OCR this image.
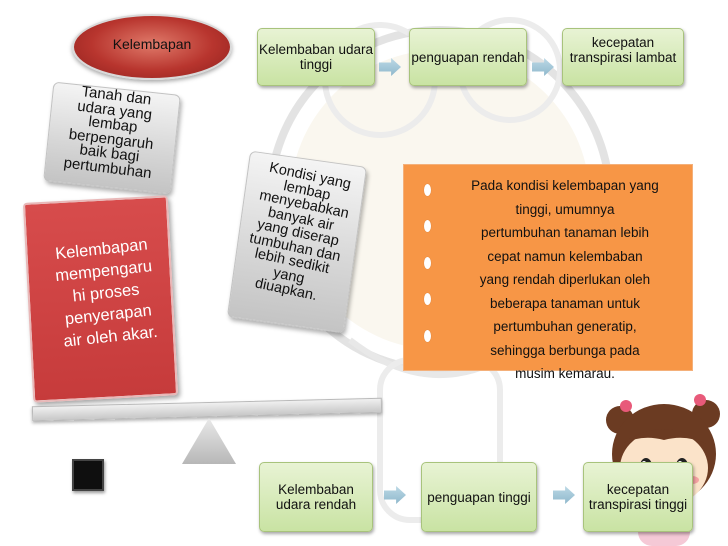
Kelembapan	Kelembaban udara tinggi	penguapan rendah
kecepatan transpirasi lambat
Tanah dan
udara yang
lembap
berpengaruh
baik bagi
pertumbuhan	Kondisi yang
lembap
menyebabkan
banyak air
yang diserap
tumbuhan dan
lebih sedikit
yang
diuapkan.
Kelembapan
mempengaru
hi proses
penyerapan
air oleh akar.
Pada kondisi kelembapan yang
tinggi, umumnya
pertumbuhan tanaman lebih
cepat namun kelembaban
yang rendah diperlukan oleh
beberapa tanaman untuk
pertumbuhan generatip,
sehingga berbunga pada
musim kemarau.
Kelembaban udara rendah	penguapan tinggi	kecepatan transpirasi tinggi
